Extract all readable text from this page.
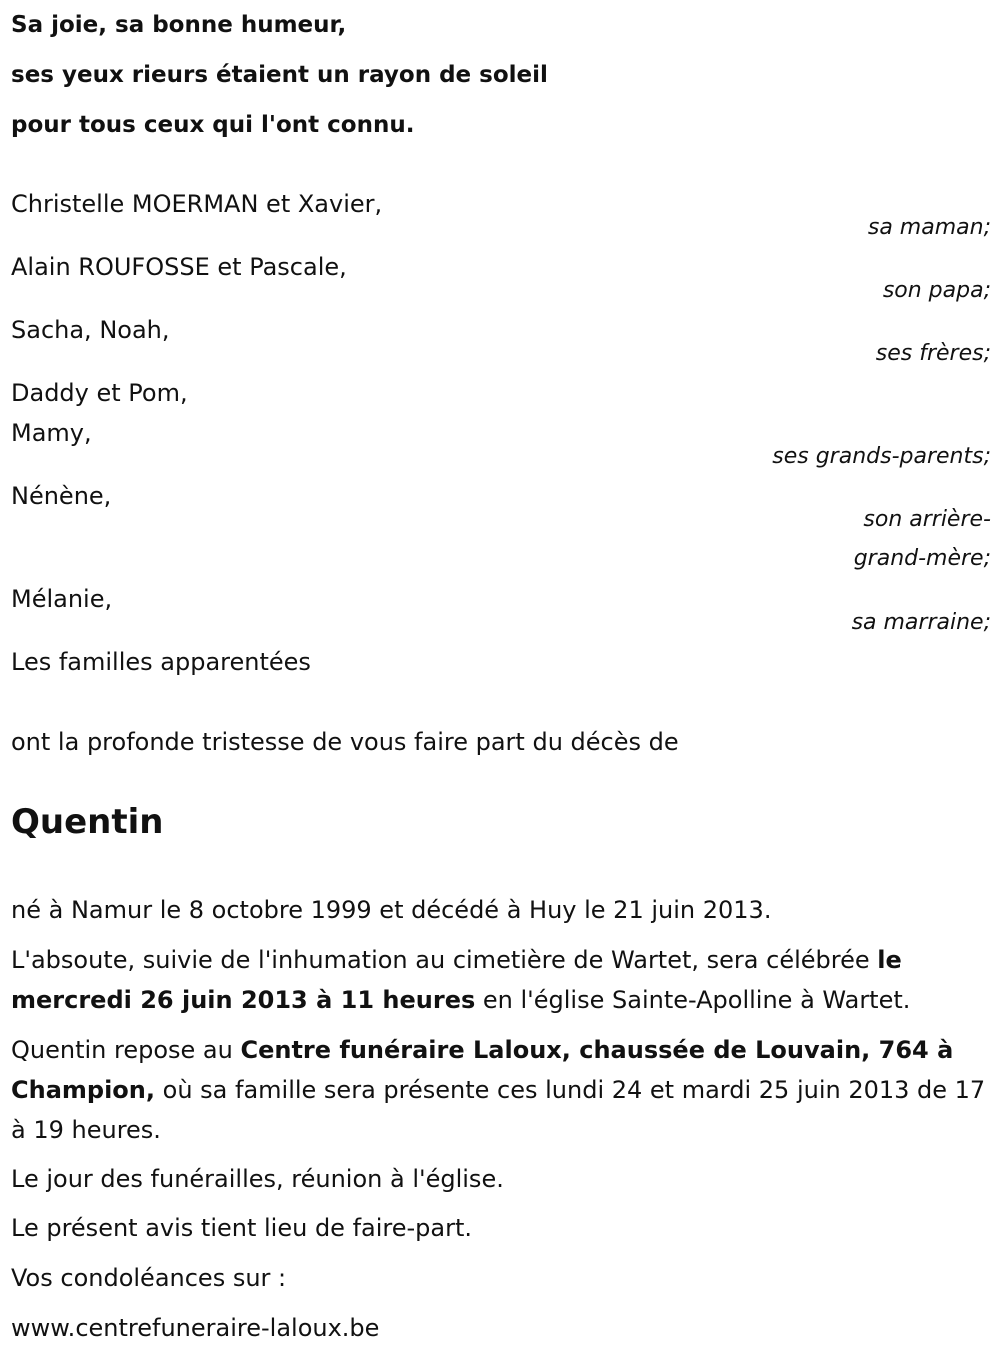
Sa joie, sa bonne humeur,
ses yeux rieurs étaient un rayon de soleil
pour tous ceux qui l'ont connu.
Christelle MOERMAN et Xavier,
sa maman;
Alain ROUFOSSE et Pascale,
son papa;
Sacha, Noah,
ses frères;
Daddy et Pom,
Mamy,
ses grands-parents;
Nénène,
son arrière-
grand-mère;
Mélanie,
sa marraine;
Les familles apparentées
ont la profonde tristesse de vous faire part du décès de
Quentin
né à Namur le 8 octobre 1999 et décédé à Huy le 21 juin 2013.
L'absoute, suivie de l'inhumation au cimetière de Wartet, sera célébrée le mercredi 26 juin 2013 à 11 heures en l'église Sainte-Apolline à Wartet.
Quentin repose au Centre funéraire Laloux, chaussée de Louvain, 764 à Champion, où sa famille sera présente ces lundi 24 et mardi 25 juin 2013 de 17 à 19 heures.
Le jour des funérailles, réunion à l'église.
Le présent avis tient lieu de faire-part.
Vos condoléances sur :
www.centrefuneraire-laloux.be
